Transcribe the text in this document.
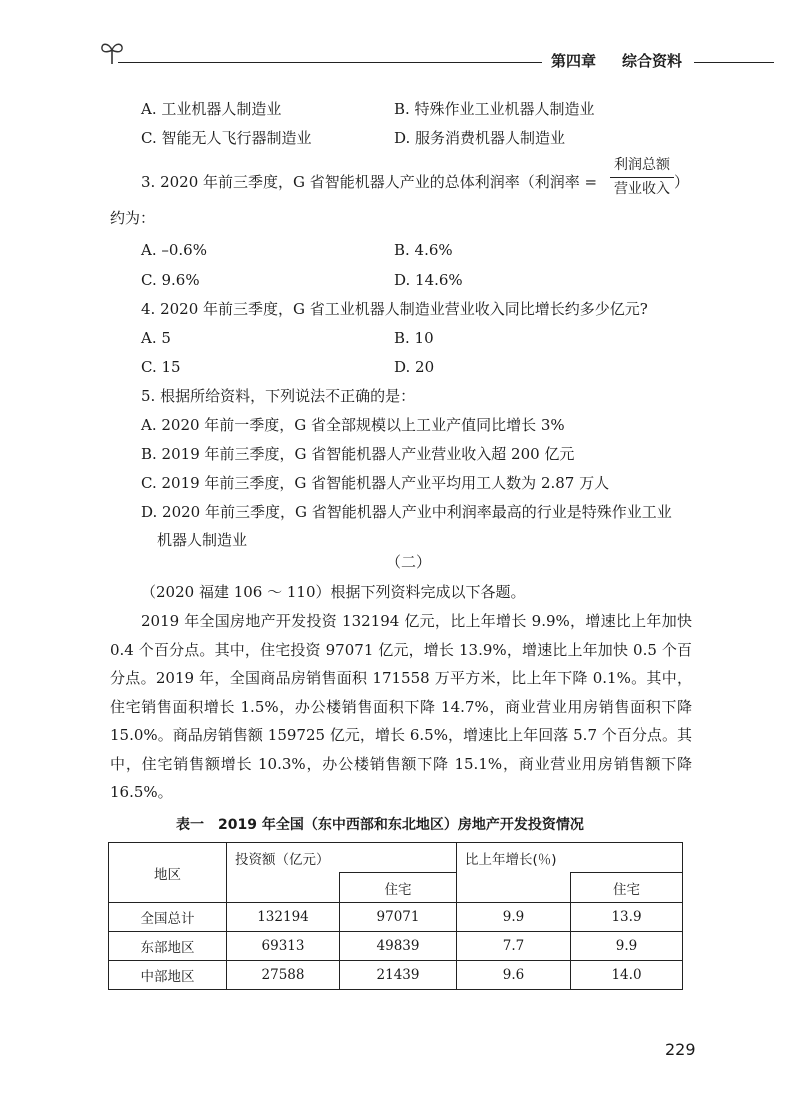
第四章 综合资料
A. 工业机器人制造业	B. 特殊作业工业机器人制造业
C. 智能无人飞行器制造业	D. 服务消费机器人制造业
3. 2020 年前三季度，G 省智能机器人产业的总体利润率（利润率 =
利润总额
营业收入 ）
约为：
A. –0.6%	B. 4.6%
C. 9.6%	D. 14.6%
4. 2020 年前三季度，G 省工业机器人制造业营业收入同比增长约多少亿元?
A. 5	B. 10
C. 15	D. 20
5. 根据所给资料，下列说法不正确的是：
A. 2020 年前一季度，G 省全部规模以上工业产值同比增长 3%
B. 2019 年前三季度，G 省智能机器人产业营业收入超 200 亿元
C. 2019 年前三季度，G 省智能机器人产业平均用工人数为 2.87 万人
D. 2020 年前三季度，G 省智能机器人产业中利润率最高的行业是特殊作业工业
机器人制造业
（二）
（2020 福建 106 ～ 110）根据下列资料完成以下各题。
2019 年全国房地产开发投资 132194 亿元，比上年增长 9.9%，增速比上年加快 0.4 个百分点。其中，住宅投资 97071 亿元，增长 13.9%，增速比上年加快 0.5 个百分点。2019 年，全国商品房销售面积 171558 万平方米，比上年下降 0.1%。其中，住宅销售面积增长 1.5%，办公楼销售面积下降 14.7%，商业营业用房销售面积下降 15.0%。商品房销售额 159725 亿元，增长 6.5%，增速比上年回落 5.7 个百分点。其中，住宅销售额增长 10.3%，办公楼销售额下降 15.1%，商业营业用房销售额下降 16.5%。
表一　2019 年全国（东中西部和东北地区）房地产开发投资情况
地区	投资额（亿元）		比上年增长(％)	
		住宅		住宅
全国总计	132194	97071	9.9	13.9
东部地区	69313	49839	7.7	9.9
中部地区	27588	21439	9.6	14.0
229
